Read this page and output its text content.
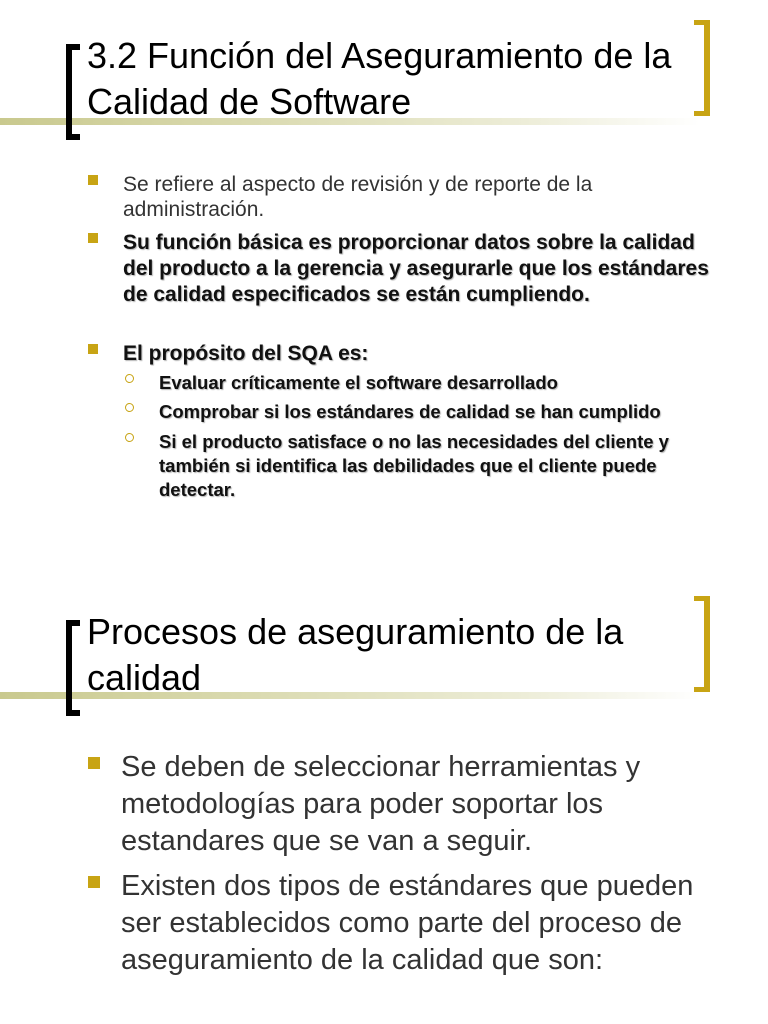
3.2 Función del Aseguramiento de la Calidad de Software
Se refiere al aspecto de revisión y de reporte de la administración.
Su función básica es proporcionar datos sobre la calidad del producto a la gerencia y asegurarle que los estándares de calidad especificados se están cumpliendo.
El propósito del SQA es:
Evaluar críticamente el software desarrollado
Comprobar si los estándares de calidad se han cumplido
Si el producto satisface o no las necesidades del cliente y también si identifica las debilidades que el cliente puede detectar.
Procesos de aseguramiento de la calidad
Se deben de seleccionar herramientas y metodologías para poder soportar los estandares que se van a seguir.
Existen dos tipos de estándares que pueden ser establecidos como parte del proceso de aseguramiento de la calidad que son:
